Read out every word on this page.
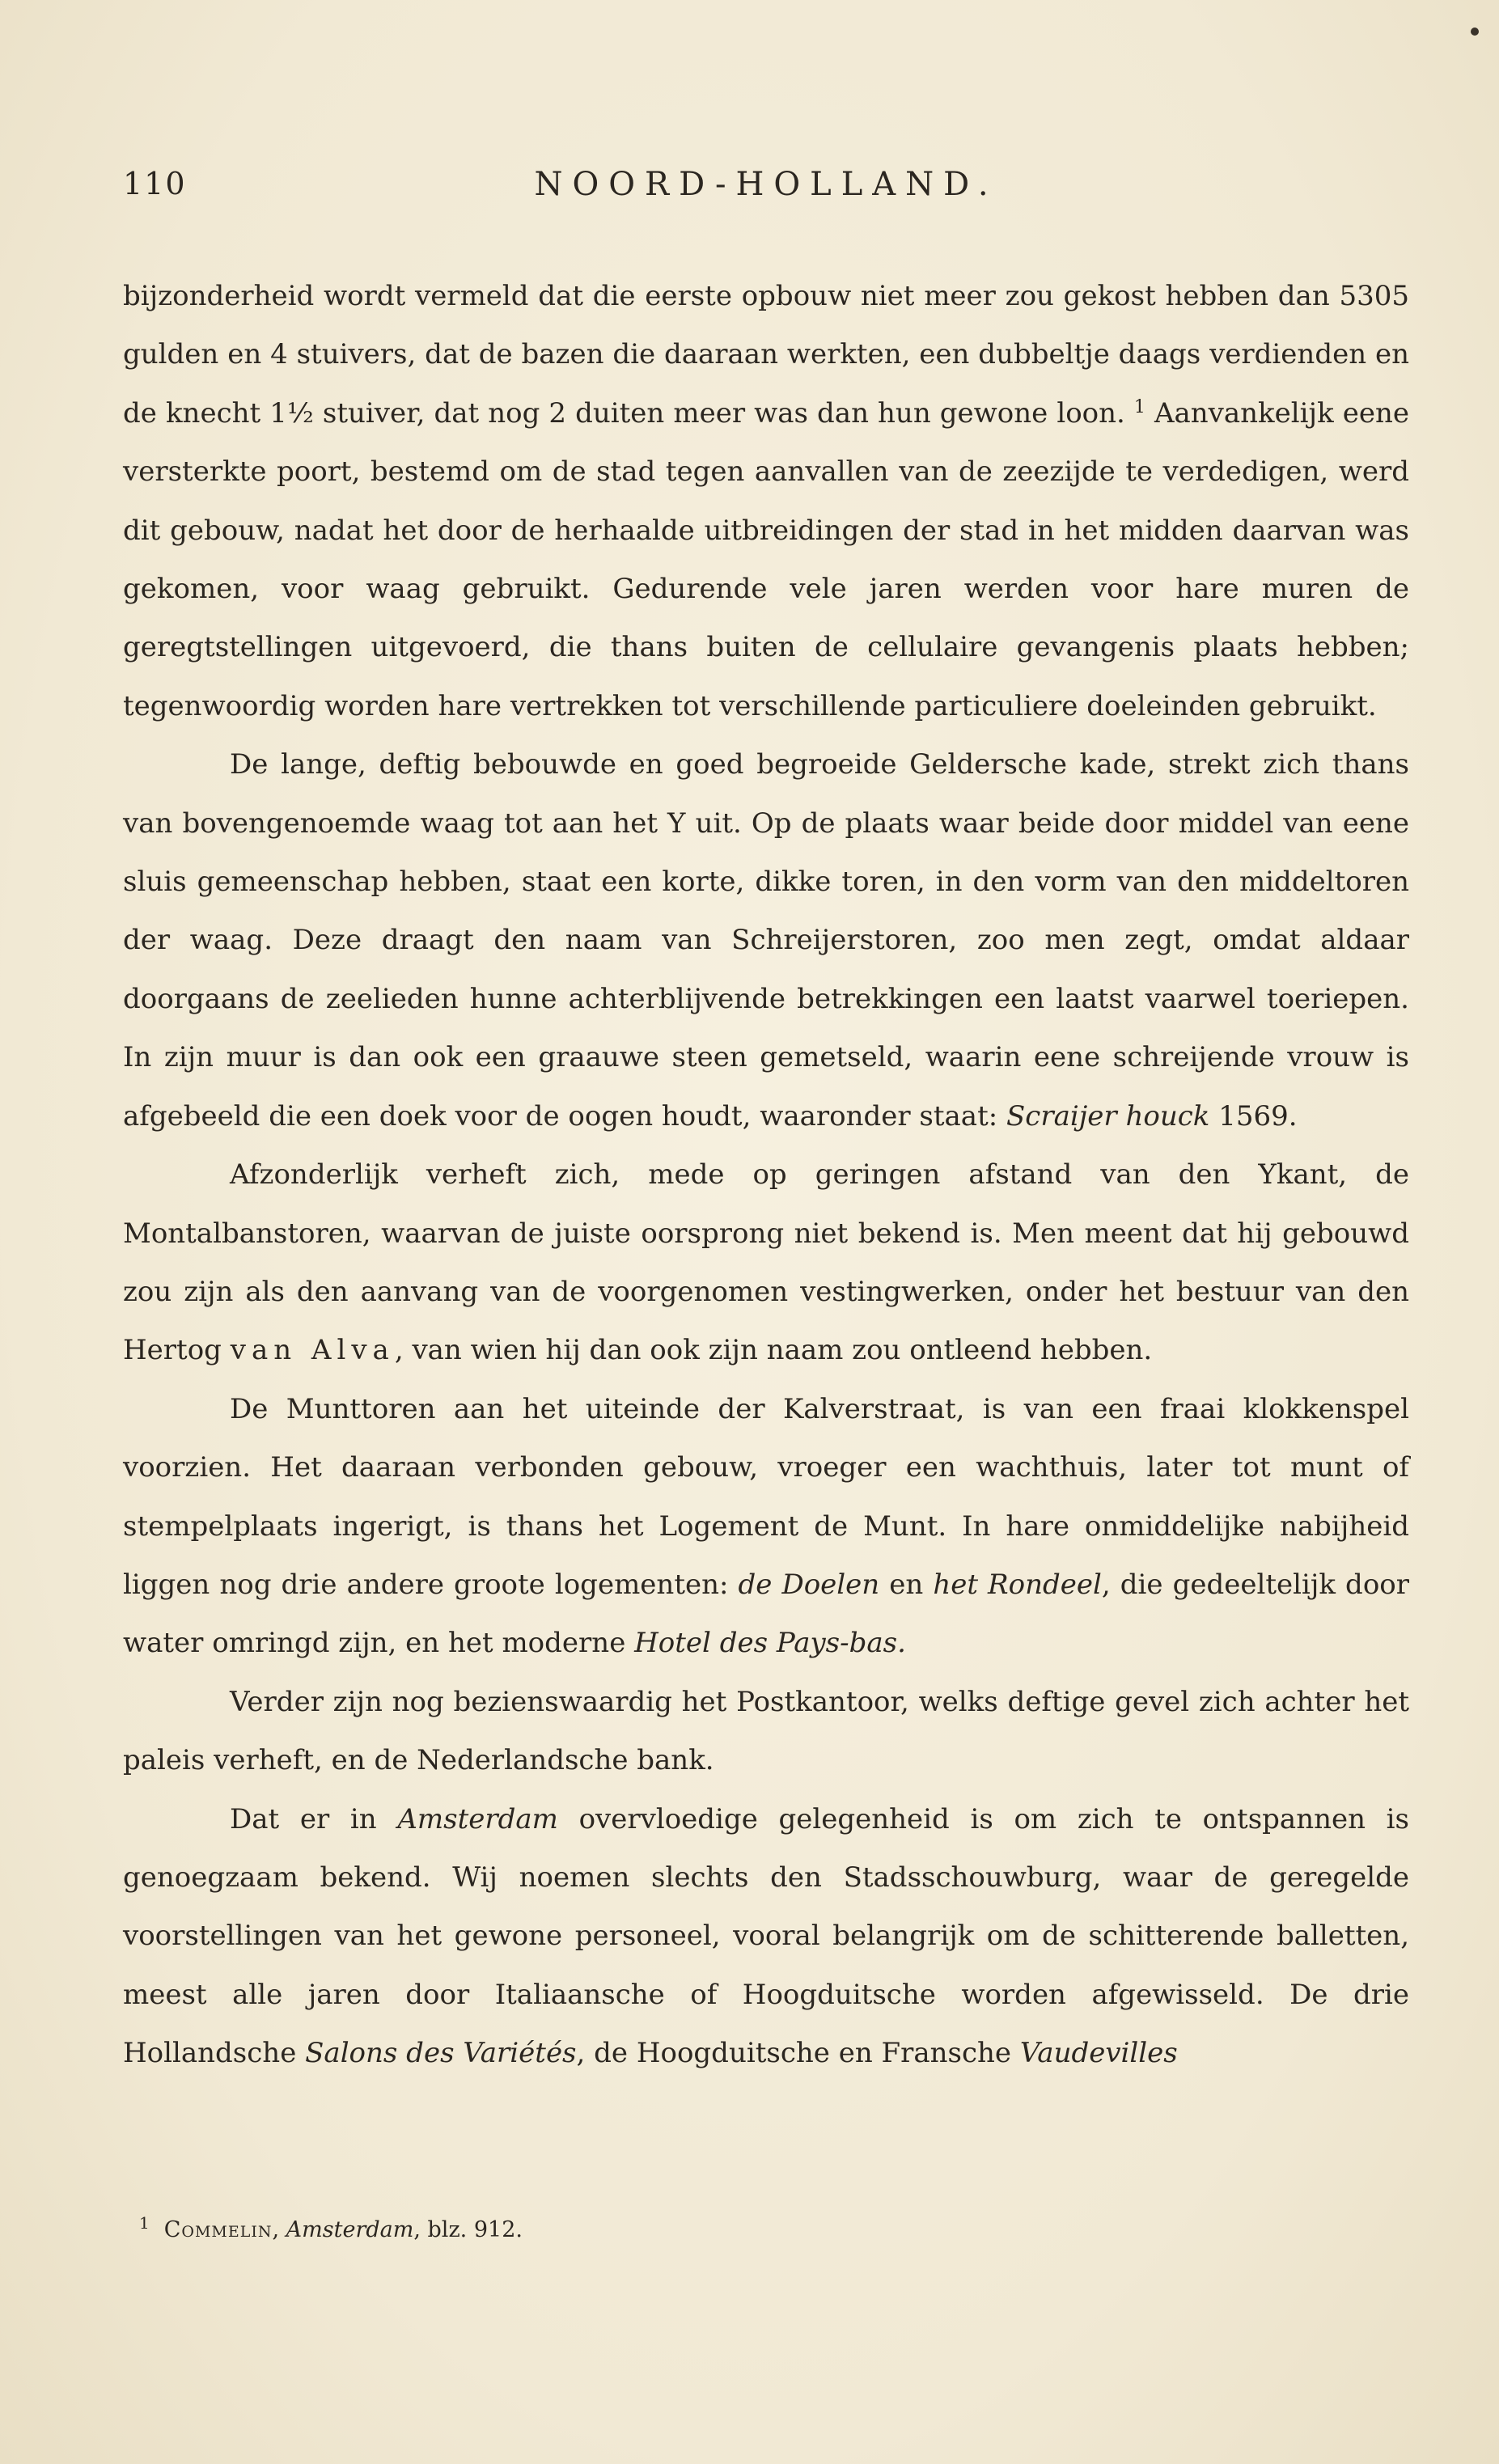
110	NOORD-HOLLAND.

bijzonderheid wordt vermeld dat die eerste opbouw niet meer zou gekost hebben dan 5305 gulden en 4 stuivers, dat de bazen die daaraan werkten, een dubbeltje daags verdienden en de knecht 1½ stuiver, dat nog 2 duiten meer was dan hun gewone loon. $^1$ Aanvankelijk eene versterkte poort, bestemd om de stad tegen aanvallen van de zeezijde te verdedigen, werd dit gebouw, nadat het door de herhaalde uitbreidingen der stad in het midden daarvan was gekomen, voor waag gebruikt. Gedurende vele jaren werden voor hare muren de geregtstellingen uitgevoerd, die thans buiten de cellulaire gevangenis plaats hebben; tegenwoordig worden hare vertrekken tot verschillende particuliere doeleinden gebruikt.

De lange, deftig bebouwde en goed begroeide Geldersche kade, strekt zich thans van bovengenoemde waag tot aan het Y uit. Op de plaats waar beide door middel van eene sluis gemeenschap hebben, staat een korte, dikke toren, in den vorm van den middeltoren der waag. Deze draagt den naam van Schreijerstoren, zoo men zegt, omdat aldaar doorgaans de zeelieden hunne achterblijvende betrekkingen een laatst vaarwel toeriepen. In zijn muur is dan ook een graauwe steen gemetseld, waarin eene schreijende vrouw is afgebeeld die een doek voor de oogen houdt, waaronder staat: Scraijer houck 1569.

Afzonderlijk verheft zich, mede op geringen afstand van den Ykant, de Montalbanstoren, waarvan de juiste oorsprong niet bekend is. Men meent dat hij gebouwd zou zijn als den aanvang van de voorgenomen vestingwerken, onder het bestuur van den Hertog van Alva, van wien hij dan ook zijn naam zou ontleend hebben.

De Munttoren aan het uiteinde der Kalverstraat, is van een fraai klokkenspel voorzien. Het daaraan verbonden gebouw, vroeger een wachthuis, later tot munt of stempelplaats ingerigt, is thans het Logement de Munt. In hare onmiddelijke nabijheid liggen nog drie andere groote logementen: de Doelen en het Rondeel, die gedeeltelijk door water omringd zijn, en het moderne Hotel des Pays-bas.

Verder zijn nog bezienswaardig het Postkantoor, welks deftige gevel zich achter het paleis verheft, en de Nederlandsche bank.

Dat er in Amsterdam overvloedige gelegenheid is om zich te ontspannen is genoegzaam bekend. Wij noemen slechts den Stadsschouwburg, waar de geregelde voorstellingen van het gewone personeel, vooral belangrijk om de schitterende balletten, meest alle jaren door Italiaansche of Hoogduitsche worden afgewisseld. De drie Hollandsche Salons des Variétés, de Hoogduitsche en Fransche Vaudevilles

$^1$ Commelin, Amsterdam, blz. 912.
